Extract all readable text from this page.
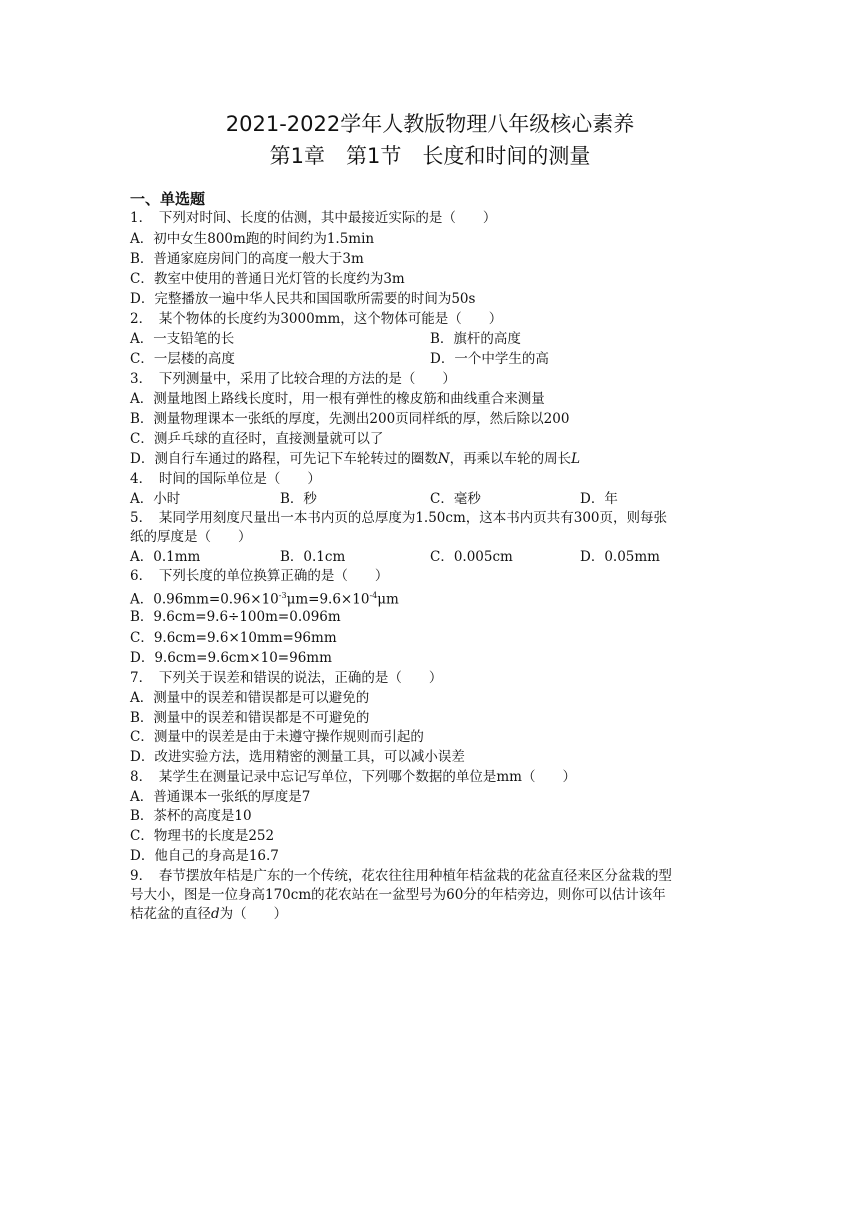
2021-2022学年人教版物理八年级核心素养
第1章　第1节　长度和时间的测量
一、单选题
1．　下列对时间、长度的估测，其中最接近实际的是（　　）
A．初中女生800m跑的时间约为1.5min
B．普通家庭房间门的高度一般大于3m
C．教室中使用的普通日光灯管的长度约为3m
D．完整播放一遍中华人民共和国国歌所需要的时间为50s
2．　某个物体的长度约为3000mm，这个物体可能是（　　）
A．一支铅笔的长	B．旗杆的高度
C．一层楼的高度	D．一个中学生的高
3．　下列测量中，采用了比较合理的方法的是（　　）
A．测量地图上路线长度时，用一根有弹性的橡皮筋和曲线重合来测量
B．测量物理课本一张纸的厚度，先测出200页同样纸的厚，然后除以200
C．测乒乓球的直径时，直接测量就可以了
D．测自行车通过的路程，可先记下车轮转过的圈数N，再乘以车轮的周长L
4．　时间的国际单位是（　　）
A．小时	B．秒	C．毫秒	D．年
5．　某同学用刻度尺量出一本书内页的总厚度为1.50cm，这本书内页共有300页，则每张
纸的厚度是（　　）
A．0.1mm	B．0.1cm	C．0.005cm	D．0.05mm
6．　下列长度的单位换算正确的是（　　）
A．$0.96mm=0.96\times 10^{-3}\mu m=9.6\times 10^{-4}\mu m$
B．9.6cm=9.6÷100m=0.096m
C．9.6cm=9.6×10mm=96mm
D．9.6cm=9.6cm×10=96mm
7．　下列关于误差和错误的说法，正确的是（　　）
A．测量中的误差和错误都是可以避免的
B．测量中的误差和错误都是不可避免的
C．测量中的误差是由于未遵守操作规则而引起的
D．改进实验方法，选用精密的测量工具，可以减小误差
8．　某学生在测量记录中忘记写单位，下列哪个数据的单位是mm（　　）
A．普通课本一张纸的厚度是7
B．茶杯的高度是10
C．物理书的长度是252
D．他自己的身高是16.7
9．　春节摆放年桔是广东的一个传统，花农往往用种植年桔盆栽的花盆直径来区分盆栽的型
号大小，图是一位身高170cm的花农站在一盆型号为60分的年桔旁边，则你可以估计该年
桔花盆的直径d为（　　）
